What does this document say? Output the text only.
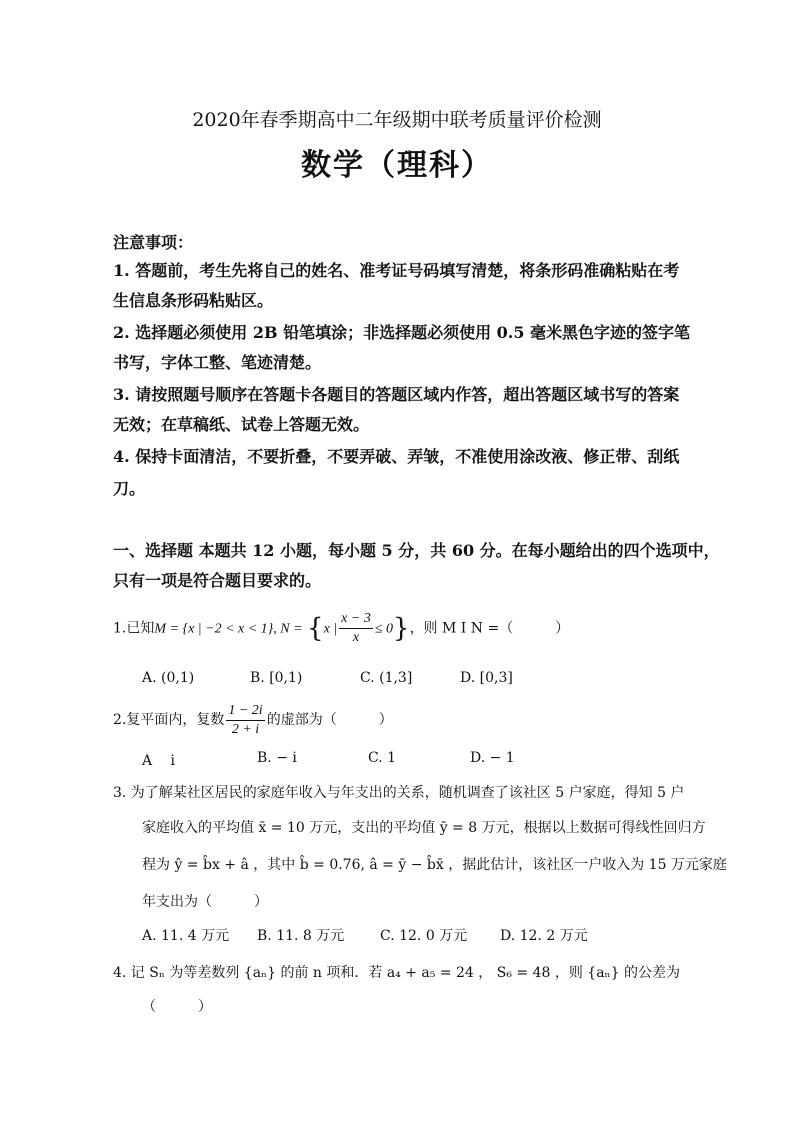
2020年春季期高中二年级期中联考质量评价检测
数学（理科）
注意事项：
1. 答题前，考生先将自己的姓名、准考证号码填写清楚，将条形码准确粘贴在考
生信息条形码粘贴区。
2. 选择题必须使用 2B 铅笔填涂；非选择题必须使用 0.5 毫米黑色字迹的签字笔
书写，字体工整、笔迹清楚。
3. 请按照题号顺序在答题卡各题目的答题区域内作答，超出答题区域书写的答案
无效；在草稿纸、试卷上答题无效。
4. 保持卡面清洁，不要折叠，不要弄破、弄皱，不准使用涂改液、修正带、刮纸
刀。
一、选择题 本题共 12 小题，每小题 5 分，共 60 分。在每小题给出的四个选项中，
只有一项是符合题目要求的。
1.已知M = {x | −2 < x < 1}, N = {x | $\frac{x - 3}{x} \le 0$}，则 M I N =（　　　）
A. (0,1)	B. [0,1)	C. (1,3]	D. [0,3]
2.复平面内，复数 $\frac{1 - 2i}{2 + i}$ 的虚部为（　　　）
A　 i	B. − i	C. 1	D. − 1
3. 为了解某社区居民的家庭年收入与年支出的关系，随机调查了该社区 5 户家庭，得知 5 户
家庭收入的平均值 x̄ = 10 万元，支出的平均值 ȳ = 8 万元，根据以上数据可得线性回归方
程为 ŷ = b̂x + â ，其中 b̂ = 0.76, â = ȳ − b̂x̄ ，据此估计，该社区一户收入为 15 万元家庭
年支出为（　　　）
A. 11. 4 万元 B. 11. 8 万元	C. 12. 0 万元 D. 12. 2 万元
4. 记 Sₙ 为等差数列 {aₙ} 的前 n 项和．若 a₄ + a₅ = 24 ， S₆ = 48 ，则 {aₙ} 的公差为
（　　　）
